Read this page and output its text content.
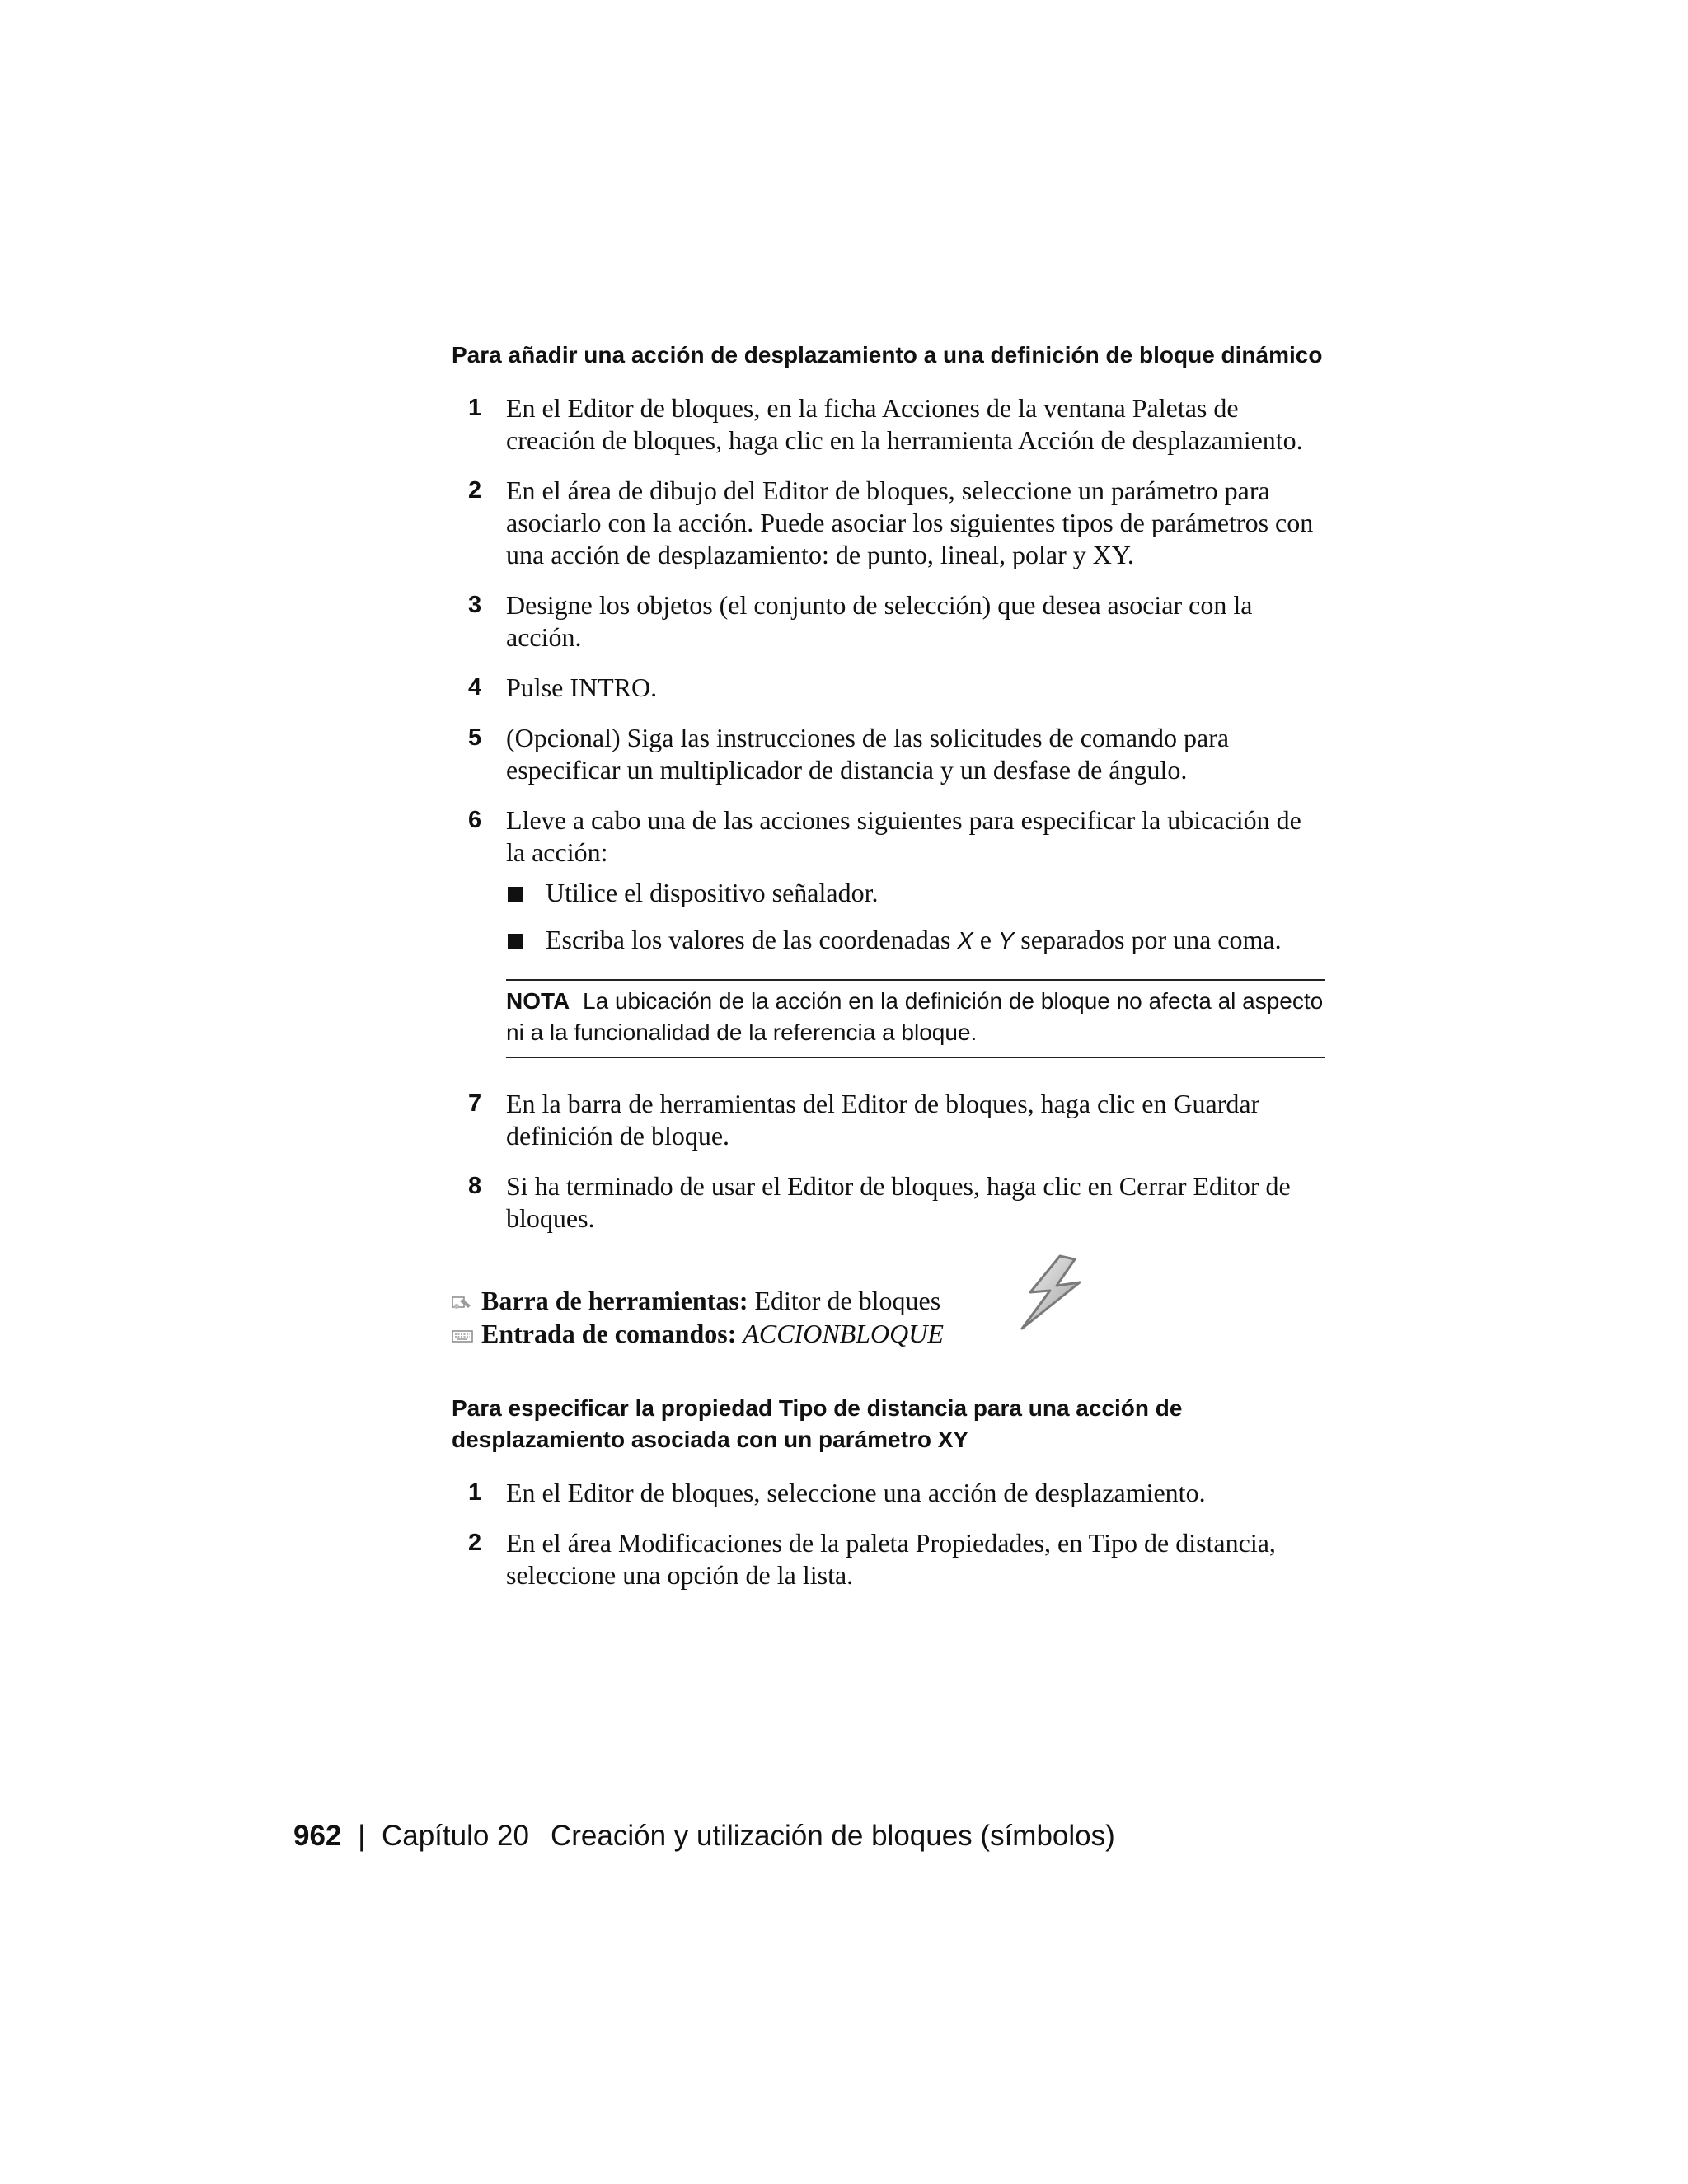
Para añadir una acción de desplazamiento a una definición de bloque dinámico
1 En el Editor de bloques, en la ficha Acciones de la ventana Paletas de creación de bloques, haga clic en la herramienta Acción de desplazamiento.
2 En el área de dibujo del Editor de bloques, seleccione un parámetro para asociarlo con la acción. Puede asociar los siguientes tipos de parámetros con una acción de desplazamiento: de punto, lineal, polar y XY.
3 Designe los objetos (el conjunto de selección) que desea asociar con la acción.
4 Pulse INTRO.
5 (Opcional) Siga las instrucciones de las solicitudes de comando para especificar un multiplicador de distancia y un desfase de ángulo.
6 Lleve a cabo una de las acciones siguientes para especificar la ubicación de la acción:
Utilice el dispositivo señalador.
Escriba los valores de las coordenadas X e Y separados por una coma.
NOTA La ubicación de la acción en la definición de bloque no afecta al aspecto ni a la funcionalidad de la referencia a bloque.
7 En la barra de herramientas del Editor de bloques, haga clic en Guardar definición de bloque.
8 Si ha terminado de usar el Editor de bloques, haga clic en Cerrar Editor de bloques.
Barra de herramientas: Editor de bloques
Entrada de comandos: ACCIONBLOQUE
Para especificar la propiedad Tipo de distancia para una acción de desplazamiento asociada con un parámetro XY
1 En el Editor de bloques, seleccione una acción de desplazamiento.
2 En el área Modificaciones de la paleta Propiedades, en Tipo de distancia, seleccione una opción de la lista.
962 | Capítulo 20 Creación y utilización de bloques (símbolos)
